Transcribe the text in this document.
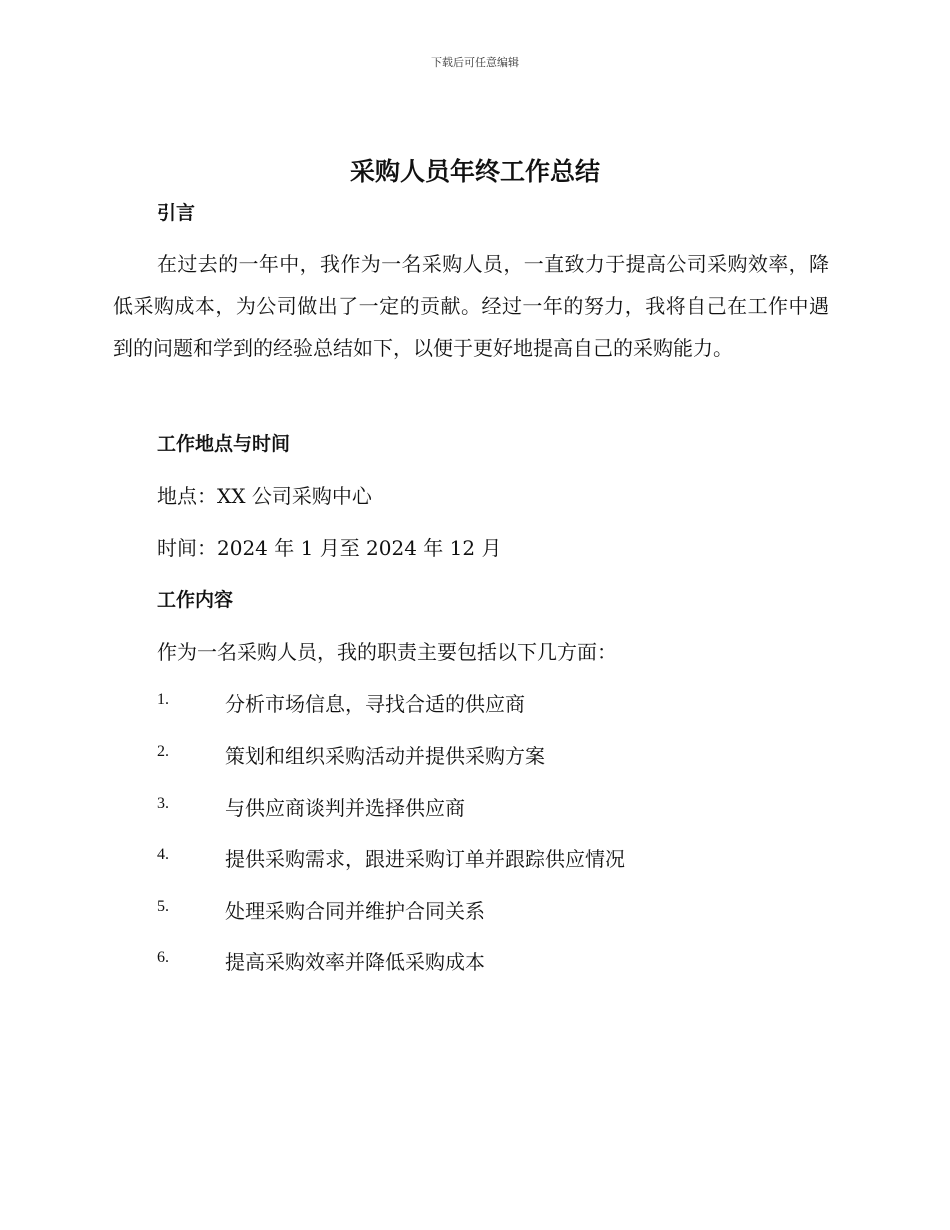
下载后可任意编辑
采购人员年终工作总结
引言
在过去的一年中，我作为一名采购人员，一直致力于提高公司采购效率，降低采购成本，为公司做出了一定的贡献。经过一年的努力，我将自己在工作中遇到的问题和学到的经验总结如下，以便于更好地提高自己的采购能力。
工作地点与时间
地点：XX 公司采购中心
时间：2024 年 1 月至 2024 年 12 月
工作内容
作为一名采购人员，我的职责主要包括以下几方面：
1.	分析市场信息，寻找合适的供应商
2.	策划和组织采购活动并提供采购方案
3.	与供应商谈判并选择供应商
4.	提供采购需求，跟进采购订单并跟踪供应情况
5.	处理采购合同并维护合同关系
6.	提高采购效率并降低采购成本
